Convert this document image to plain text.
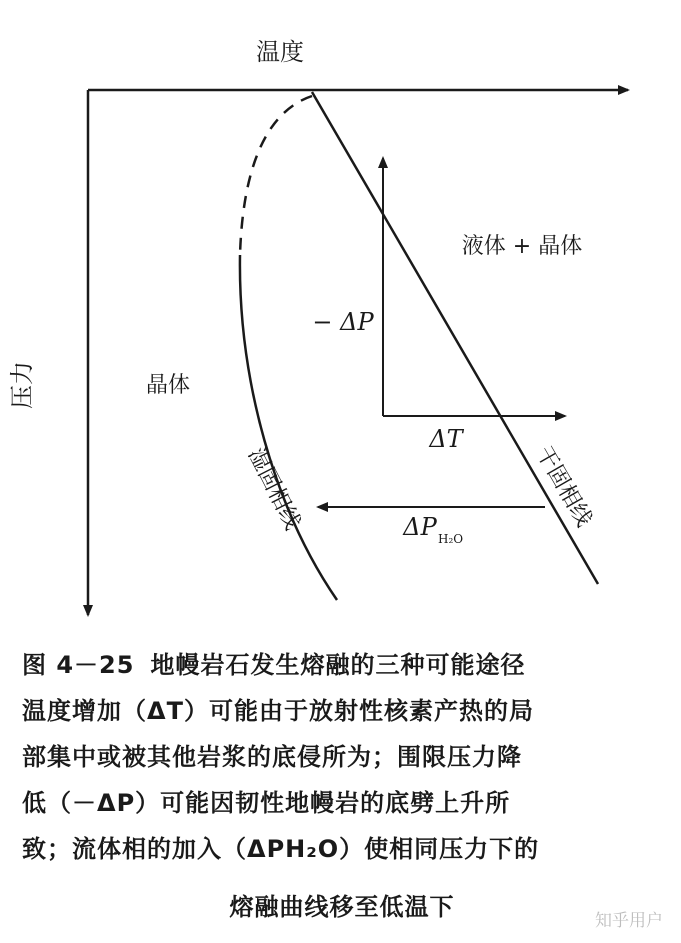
温度
压力	晶体
液体 + 晶体
− ΔP
ΔT
ΔP H₂O
湿固相线	干固相线
图 4－25 地幔岩石发生熔融的三种可能途径
温度增加（ΔT）可能由于放射性核素产热的局
部集中或被其他岩浆的底侵所为；围限压力降
低（－ΔP）可能因韧性地幔岩的底劈上升所
致；流体相的加入（ΔPH₂O）使相同压力下的
熔融曲线移至低温下	知乎用户
